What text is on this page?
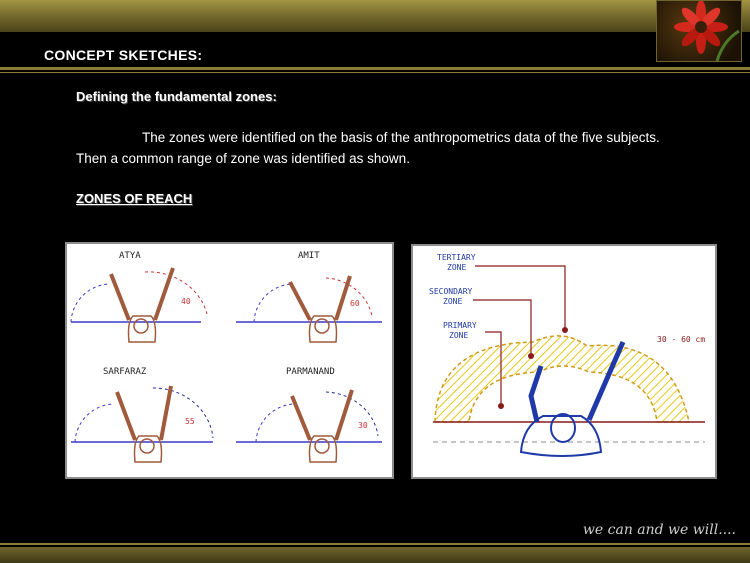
CONCEPT SKETCHES:
Defining the fundamental zones:
The zones were identified on the basis of the anthropometrics data of the five subjects. Then a common range of zone was identified as shown.
ZONES OF REACH
ATYA
40
AMIT
60
SARFARAZ
55
PARMANAND
30
TERTIARY
ZONE
SECONDARY
ZONE
PRIMARY
ZONE	30 - 60 cm
we can and we will....
